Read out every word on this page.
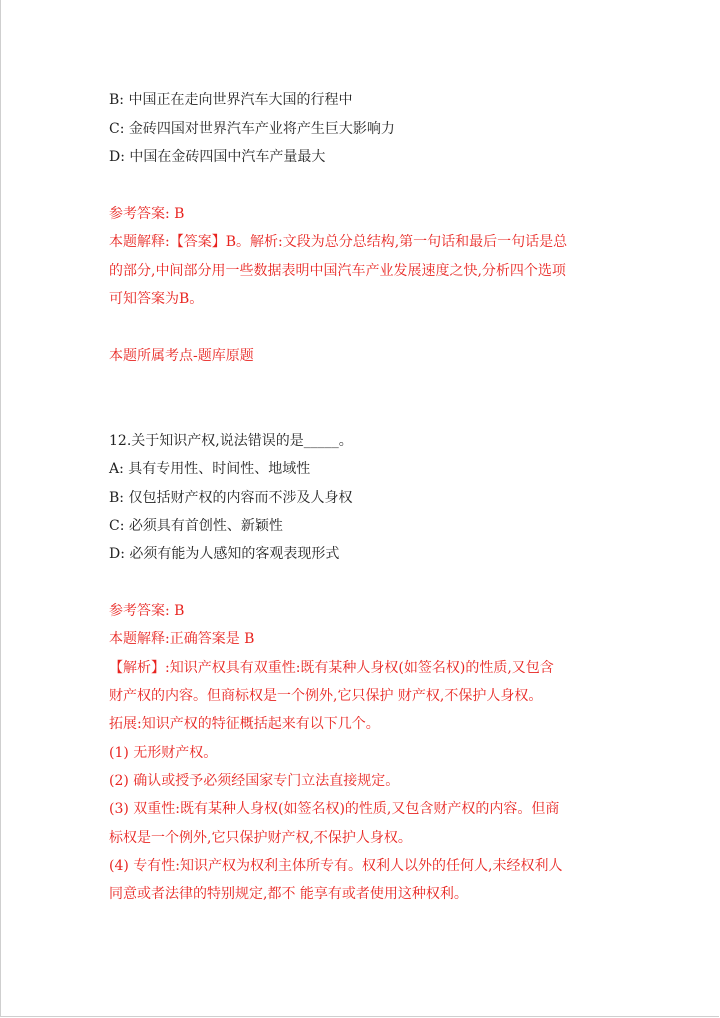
B: 中国正在走向世界汽车大国的行程中
C: 金砖四国对世界汽车产业将产生巨大影响力
D: 中国在金砖四国中汽车产量最大
参考答案: B
本题解释:【答案】B。解析:文段为总分总结构,第一句话和最后一句话是总
的部分,中间部分用一些数据表明中国汽车产业发展速度之快,分析四个选项
可知答案为B。
本题所属考点-题库原题
12.关于知识产权,说法错误的是_____。
A: 具有专用性、时间性、地域性
B: 仅包括财产权的内容而不涉及人身权
C: 必须具有首创性、新颖性
D: 必须有能为人感知的客观表现形式
参考答案: B
本题解释:正确答案是 B
【解析】:知识产权具有双重性:既有某种人身权(如签名权)的性质,又包含
财产权的内容。但商标权是一个例外,它只保护 财产权,不保护人身权。
拓展:知识产权的特征概括起来有以下几个。
(1) 无形财产权。
(2) 确认或授予必须经国家专门立法直接规定。
(3) 双重性:既有某种人身权(如签名权)的性质,又包含财产权的内容。但商
标权是一个例外,它只保护财产权,不保护人身权。
(4) 专有性:知识产权为权利主体所专有。权利人以外的任何人,未经权利人
同意或者法律的特别规定,都不 能享有或者使用这种权利。
